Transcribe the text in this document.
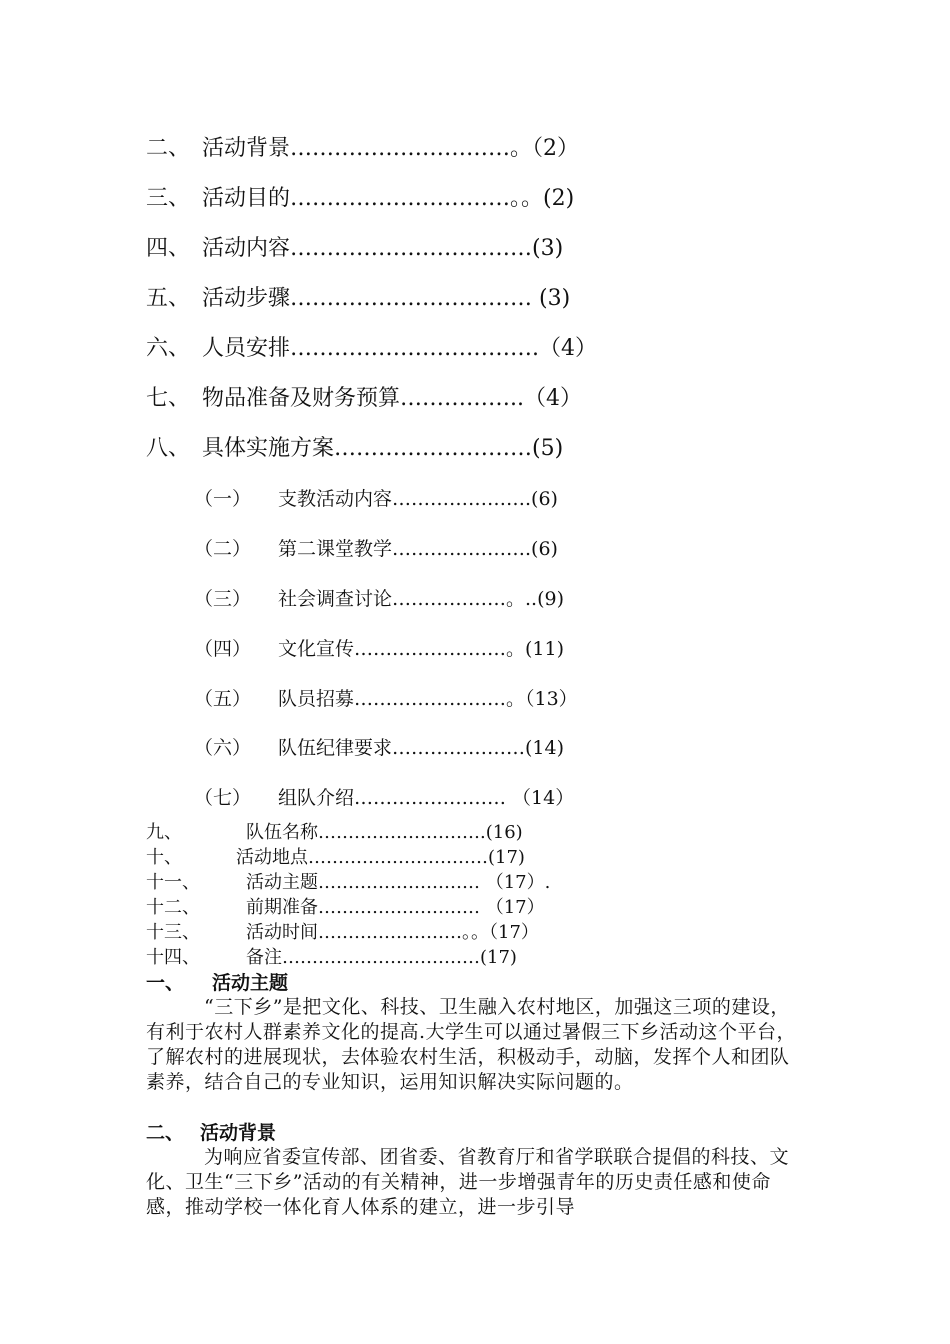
二、 活动背景…………………………。（2）
三、 活动目的…………………………。。(2)
四、 活动内容……………………………(3)
五、 活动步骤…………………………… (3)
六、 人员安排…………………………….（4）
七、 物品准备及财务预算……………..（4）
八、 具体实施方案………………………(5)
（一） 支教活动内容………………….(6)
（二） 第二课堂教学………………….(6)
（三） 社会调查讨论………………。..(9)
（四） 文化宣传……………………。(11)
（五） 队员招募……………………。（13）
（六） 队伍纪律要求…………………(14)
（七） 组队介绍…………………… （14）
九、	队伍名称……………………….(16)
十、	活动地点…………………………(17)
十一、	活动主题……………………… （17）.
十二、	前期准备……………………… （17）
十三、	活动时间……………………。。（17）
十四、	备注……………………………(17)
一、 活动主题
“三下乡”是把文化、科技、卫生融入农村地区，加强这三项的建设，有利于农村人群素养文化的提高.大学生可以通过暑假三下乡活动这个平台，了解农村的进展现状，去体验农村生活，积极动手，动脑，发挥个人和团队素养，结合自己的专业知识，运用知识解决实际问题的。
二、 活动背景
为响应省委宣传部、团省委、省教育厅和省学联联合提倡的科技、文化、卫生“三下乡”活动的有关精神，进一步增强青年的历史责任感和使命感，推动学校一体化育人体系的建立，进一步引导
